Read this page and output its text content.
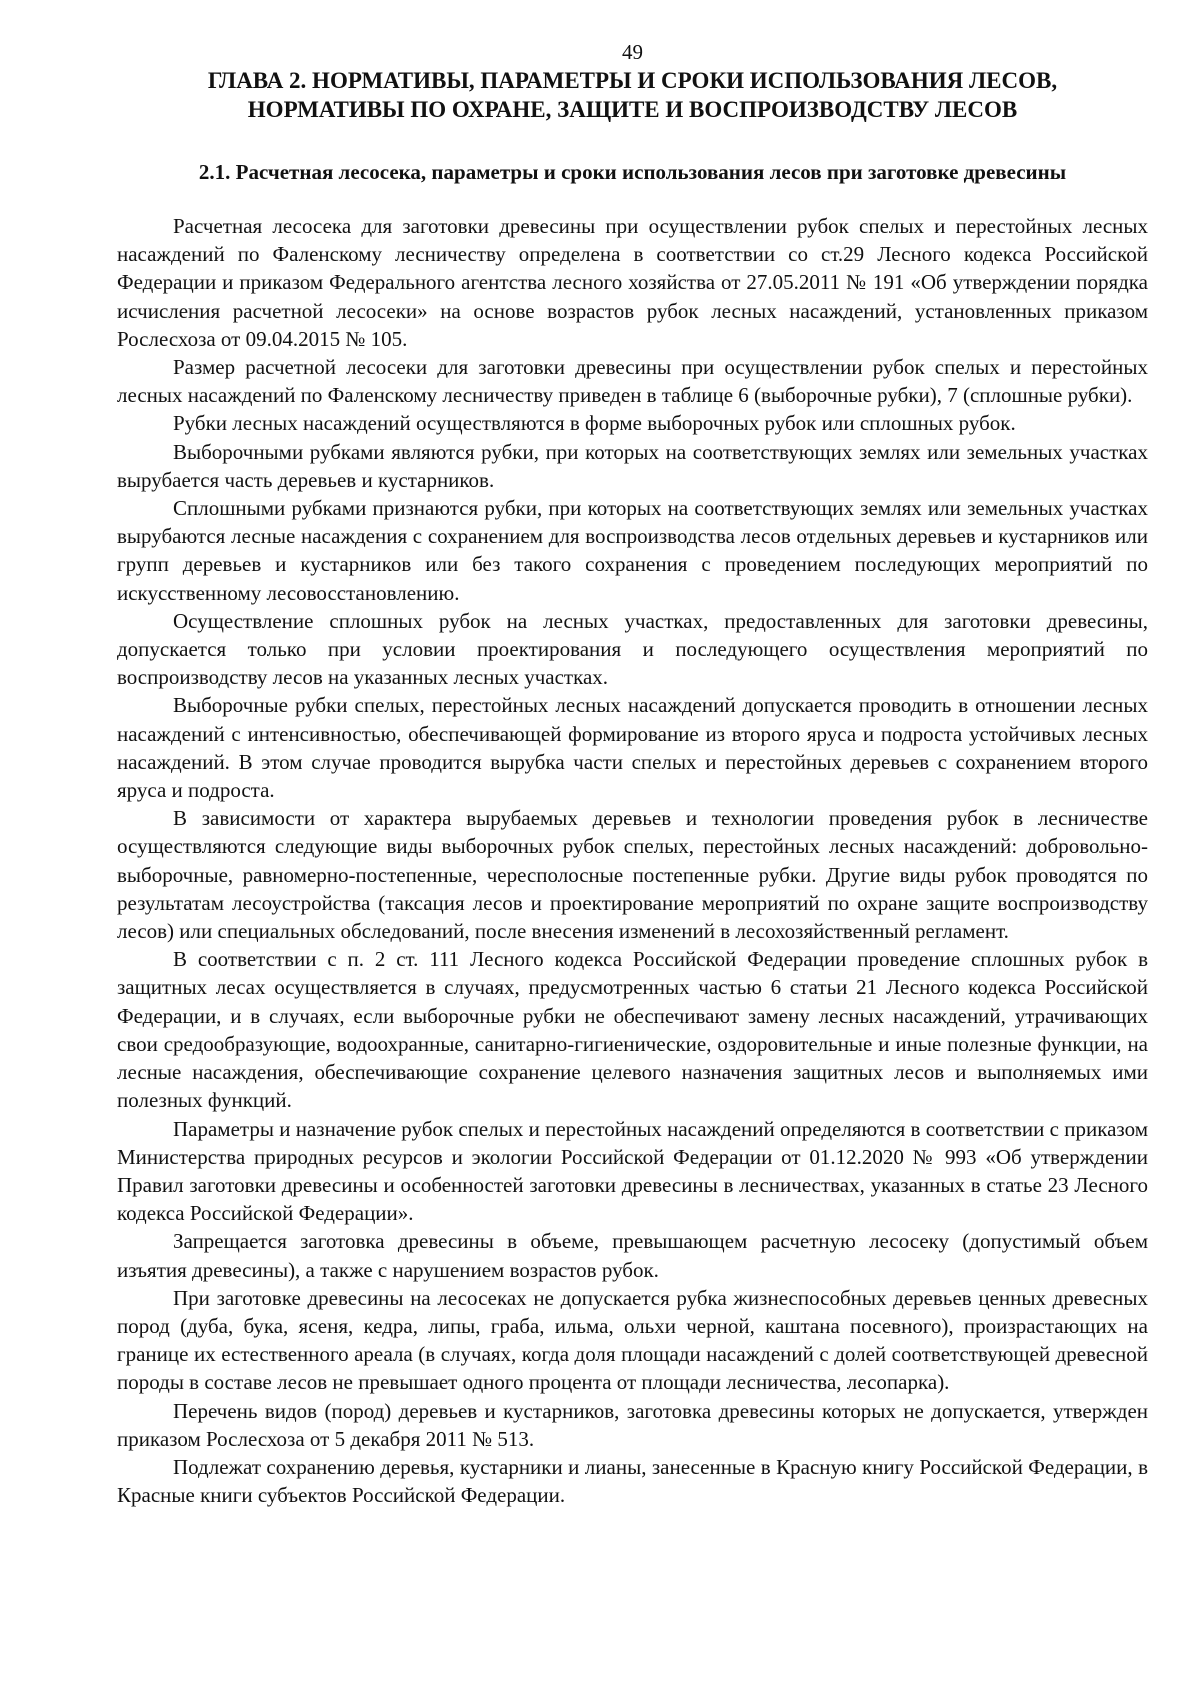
49
ГЛАВА 2. НОРМАТИВЫ, ПАРАМЕТРЫ И СРОКИ ИСПОЛЬЗОВАНИЯ ЛЕСОВ,
НОРМАТИВЫ ПО ОХРАНЕ, ЗАЩИТЕ И ВОСПРОИЗВОДСТВУ ЛЕСОВ
2.1. Расчетная лесосека, параметры и сроки использования лесов при заготовке древесины

Расчетная лесосека для заготовки древесины при осуществлении рубок спелых и перестойных лесных насаждений по Фаленскому лесничеству определена в соответствии со ст.29 Лесного кодекса Российской Федерации и приказом Федерального агентства лесного хозяйства от 27.05.2011 № 191 «Об утверждении порядка исчисления расчетной лесосеки» на основе возрастов рубок лесных насаждений, установленных приказом Рослесхоза от 09.04.2015 № 105.

Размер расчетной лесосеки для заготовки древесины при осуществлении рубок спелых и перестойных лесных насаждений по Фаленскому лесничеству приведен в таблице 6 (выборочные рубки), 7 (сплошные рубки).

Рубки лесных насаждений осуществляются в форме выборочных рубок или сплошных рубок.

Выборочными рубками являются рубки, при которых на соответствующих землях или земельных участках вырубается часть деревьев и кустарников.

Сплошными рубками признаются рубки, при которых на соответствующих землях или земельных участках вырубаются лесные насаждения с сохранением для воспроизводства лесов отдельных деревьев и кустарников или групп деревьев и кустарников или без такого сохранения с проведением последующих мероприятий по искусственному лесовосстановлению.

Осуществление сплошных рубок на лесных участках, предоставленных для заготовки древесины, допускается только при условии проектирования и последующего осуществления мероприятий по воспроизводству лесов на указанных лесных участках.

Выборочные рубки спелых, перестойных лесных насаждений допускается проводить в отношении лесных насаждений с интенсивностью, обеспечивающей формирование из второго яруса и подроста устойчивых лесных насаждений. В этом случае проводится вырубка части спелых и перестойных деревьев с сохранением второго яруса и подроста.

В зависимости от характера вырубаемых деревьев и технологии проведения рубок в лесничестве осуществляются следующие виды выборочных рубок спелых, перестойных лесных насаждений: добровольно-выборочные, равномерно-постепенные, чересполосные постепенные рубки. Другие виды рубок проводятся по результатам лесоустройства (таксация лесов и проектирование мероприятий по охране защите воспроизводству лесов) или специальных обследований, после внесения изменений в лесохозяйственный регламент.

В соответствии с п. 2 ст. 111 Лесного кодекса Российской Федерации проведение сплошных рубок в защитных лесах осуществляется в случаях, предусмотренных частью 6 статьи 21 Лесного кодекса Российской Федерации, и в случаях, если выборочные рубки не обеспечивают замену лесных насаждений, утрачивающих свои средообразующие, водоохранные, санитарно-гигиенические, оздоровительные и иные полезные функции, на лесные насаждения, обеспечивающие сохранение целевого назначения защитных лесов и выполняемых ими полезных функций.

Параметры и назначение рубок спелых и перестойных насаждений определяются в соответствии с приказом Министерства природных ресурсов и экологии Российской Федерации от 01.12.2020 № 993 «Об утверждении Правил заготовки древесины и особенностей заготовки древесины в лесничествах, указанных в статье 23 Лесного кодекса Российской Федерации».

Запрещается заготовка древесины в объеме, превышающем расчетную лесосеку (допустимый объем изъятия древесины), а также с нарушением возрастов рубок.

При заготовке древесины на лесосеках не допускается рубка жизнеспособных деревьев ценных древесных пород (дуба, бука, ясеня, кедра, липы, граба, ильма, ольхи черной, каштана посевного), произрастающих на границе их естественного ареала (в случаях, когда доля площади насаждений с долей соответствующей древесной породы в составе лесов не превышает одного процента от площади лесничества, лесопарка).

Перечень видов (пород) деревьев и кустарников, заготовка древесины которых не допускается, утвержден приказом Рослесхоза от 5 декабря 2011 № 513.

Подлежат сохранению деревья, кустарники и лианы, занесенные в Красную книгу Российской Федерации, в Красные книги субъектов Российской Федерации.
